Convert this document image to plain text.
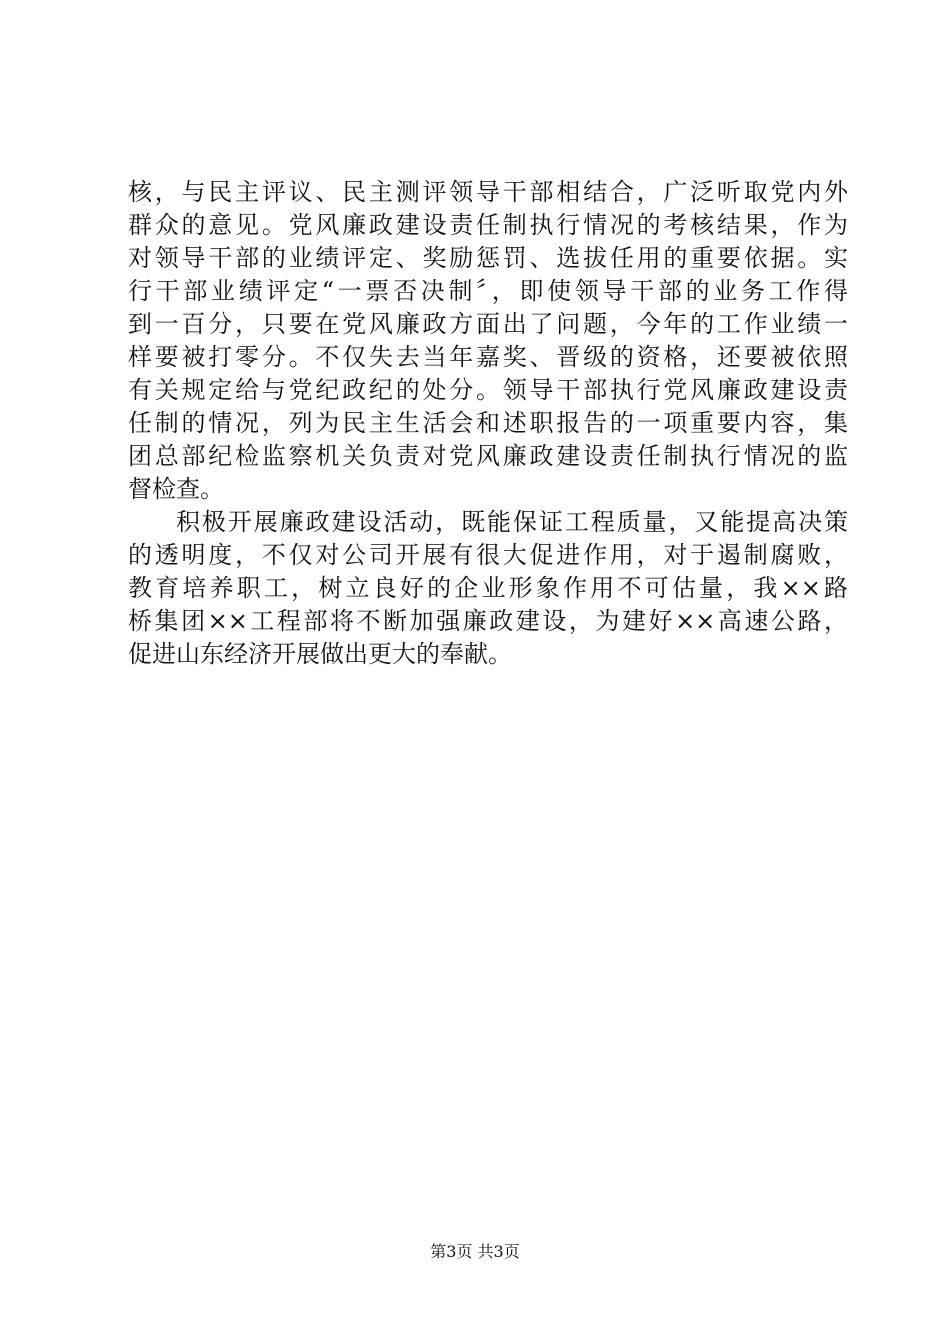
核，与民主评议、民主测评领导干部相结合，广泛听取党内外
群众的意见。党风廉政建设责任制执行情况的考核结果，作为
对领导干部的业绩评定、奖励惩罚、选拔任用的重要依据。实
行干部业绩评定“一票否决制〞，即使领导干部的业务工作得
到一百分，只要在党风廉政方面出了问题，今年的工作业绩一
样要被打零分。不仅失去当年嘉奖、晋级的资格，还要被依照
有关规定给与党纪政纪的处分。领导干部执行党风廉政建设责
任制的情况，列为民主生活会和述职报告的一项重要内容，集
团总部纪检监察机关负责对党风廉政建设责任制执行情况的监
督检查。
积极开展廉政建设活动，既能保证工程质量，又能提高决策
的透明度，不仅对公司开展有很大促进作用，对于遏制腐败，
教育培养职工，树立良好的企业形象作用不可估量，我××路
桥集团××工程部将不断加强廉政建设，为建好××高速公路，
促进山东经济开展做出更大的奉献。
第3页 共3页
